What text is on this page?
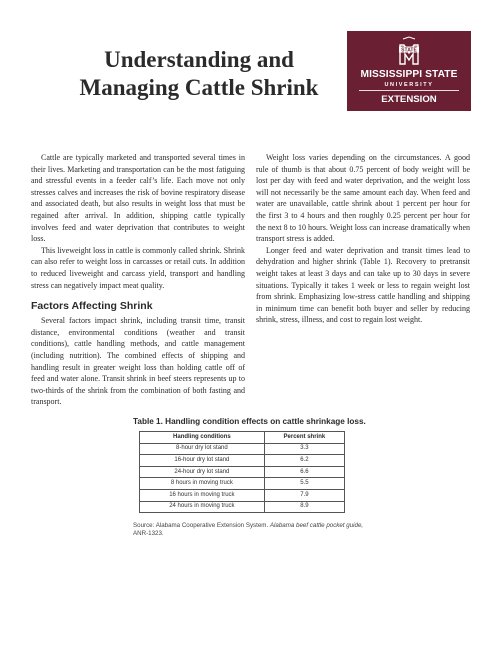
Understanding and
Managing Cattle Shrink
STATE
MISSISSIPPI STATE
UNIVERSITY
EXTENSION

Cattle are typically marketed and transported several times in their lives. Marketing and transportation can be the most fatiguing and stressful events in a feeder calf’s life. Each move not only stresses calves and increases the risk of bovine respiratory disease and associated death, but also results in weight loss that must be regained after arrival. In addition, shipping cattle typically involves feed and water deprivation that contributes to weight loss.

This liveweight loss in cattle is commonly called shrink. Shrink can also refer to weight loss in carcasses or retail cuts. In addition to reduced liveweight and carcass yield, transport and handling stress can negatively impact meat quality.

Factors Affecting Shrink

Several factors impact shrink, including transit time, transit distance, environmental conditions (weather and transit conditions), cattle handling methods, and cattle management (including nutrition). The combined effects of shipping and handling result in greater weight loss than holding cattle off of feed and water alone. Transit shrink in beef steers represents up to two-thirds of the shrink from the combination of both fasting and transport.

Weight loss varies depending on the circumstances. A good rule of thumb is that about 0.75 percent of body weight will be lost per day with feed and water deprivation, and the weight loss will not necessarily be the same amount each day. When feed and water are unavailable, cattle shrink about 1 percent per hour for the first 3 to 4 hours and then roughly 0.25 percent per hour for the next 8 to 10 hours. Weight loss can increase dramatically when transport stress is added.

Longer feed and water deprivation and transit times lead to dehydration and higher shrink (Table 1). Recovery to pretransit weight takes at least 3 days and can take up to 30 days in severe situations. Typically it takes 1 week or less to regain weight lost from shrink. Emphasizing low-stress cattle handling and shipping in minimum time can benefit both buyer and seller by reducing shrink, stress, illness, and cost to regain lost weight.

Table 1. Handling condition effects on cattle shrinkage loss.
Handling conditions	Percent shrink
8-hour dry lot stand	3.3
16-hour dry lot stand	6.2
24-hour dry lot stand	6.6
8 hours in moving truck	5.5
16 hours in moving truck	7.9
24 hours in moving truck	8.9
Source: Alabama Cooperative Extension System. Alabama beef cattle pocket guide, ANR-1323.
